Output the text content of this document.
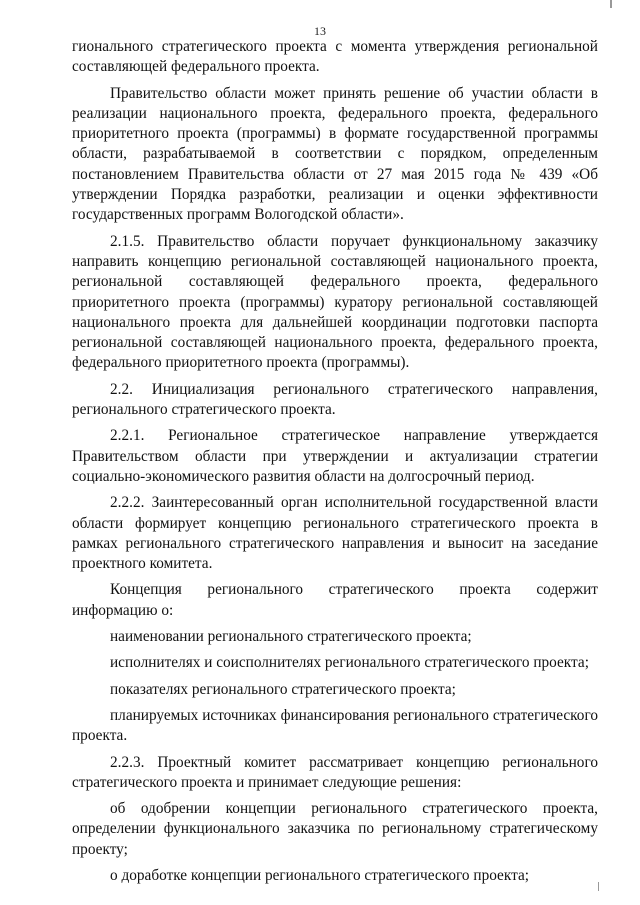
13

гионального стратегического проекта с момента утверждения региональной составляющей федерального проекта.

Правительство области может принять решение об участии области в реализации национального проекта, федерального проекта, федерального приоритетного проекта (программы) в формате государственной программы области, разрабатываемой в соответствии с порядком, определенным постановлением Правительства области от 27 мая 2015 года № 439 «Об утверждении Порядка разработки, реализации и оценки эффективности государственных программ Вологодской области».

2.1.5. Правительство области поручает функциональному заказчику направить концепцию региональной составляющей национального проекта, региональной составляющей федерального проекта, федерального приоритетного проекта (программы) куратору региональной составляющей национального проекта для дальнейшей координации подготовки паспорта региональной составляющей национального проекта, федерального проекта, федерального приоритетного проекта (программы).

2.2. Инициализация регионального стратегического направления, регионального стратегического проекта.

2.2.1. Региональное стратегическое направление утверждается Правительством области при утверждении и актуализации стратегии социально-экономического развития области на долгосрочный период.

2.2.2. Заинтересованный орган исполнительной государственной власти области формирует концепцию регионального стратегического проекта в рамках регионального стратегического направления и выносит на заседание проектного комитета.

Концепция регионального стратегического проекта содержит информацию о:

наименовании регионального стратегического проекта;

исполнителях и соисполнителях регионального стратегического проекта;

показателях регионального стратегического проекта;

планируемых источниках финансирования регионального стратегического проекта.

2.2.3. Проектный комитет рассматривает концепцию регионального стратегического проекта и принимает следующие решения:

об одобрении концепции регионального стратегического проекта, определении функционального заказчика по региональному стратегическому проекту;

о доработке концепции регионального стратегического проекта;
